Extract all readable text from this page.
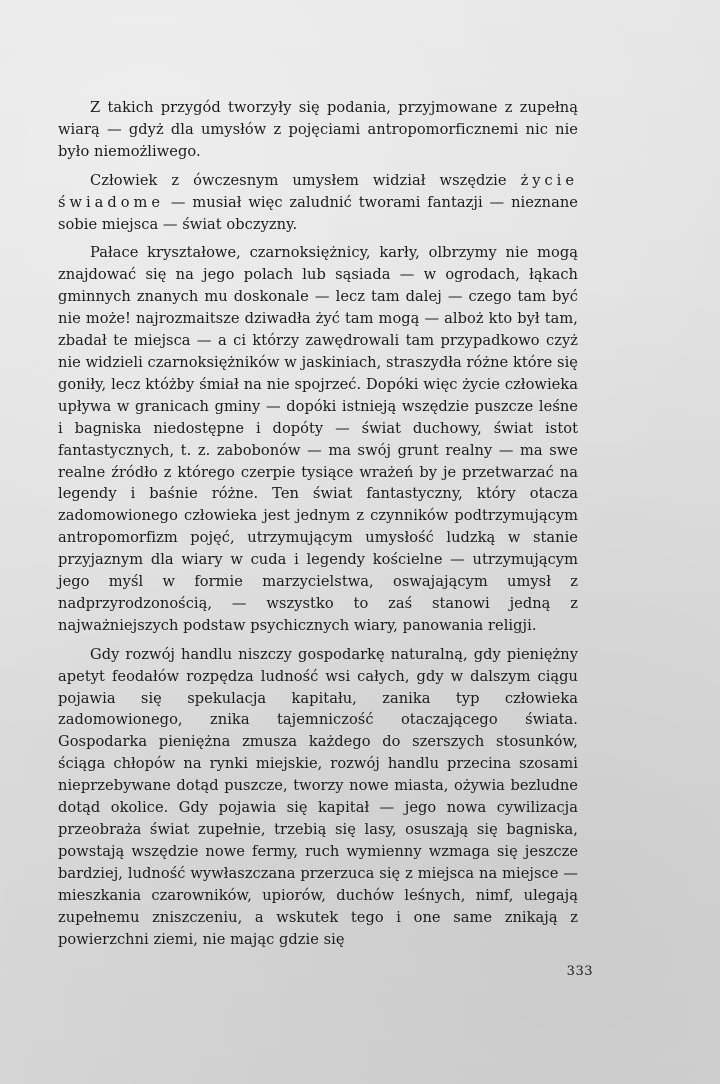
Z takich przygód tworzyły się podania, przyjmowane z zupełną wiarą — gdyż dla umysłów z pojęciami antropomorficznemi nic nie było niemożliwego.

Człowiek z ówczesnym umysłem widział wszędzie życie świadome — musiał więc zaludnić tworami fantazji — nieznane sobie miejsca — świat obczyzny.

Pałace kryształowe, czarnoksiężnicy, karły, olbrzymy nie mogą znajdować się na jego polach lub sąsiada — w ogrodach, łąkach gminnych znanych mu doskonale — lecz tam dalej — czego tam być nie może! najrozmaitsze dziwadła żyć tam mogą — alboż kto był tam, zbadał te miejsca — a ci którzy zawędrowali tam przypadkowo czyż nie widzieli czarnoksiężników w jaskiniach, straszydła różne które się goniły, lecz któżby śmiał na nie spojrzeć. Dopóki więc życie człowieka upływa w granicach gminy — dopóki istnieją wszędzie puszcze leśne i bagniska niedostępne i dopóty — świat duchowy, świat istot fantastycznych, t. z. zabobonów — ma swój grunt realny — ma swe realne źródło z którego czerpie tysiące wrażeń by je przetwarzać na legendy i baśnie różne. Ten świat fantastyczny, który otacza zadomowionego człowieka jest jednym z czynników podtrzymującym antropomorfizm pojęć, utrzymującym umysłość ludzką w stanie przyjaznym dla wiary w cuda i legendy kościelne — utrzymującym jego myśl w formie marzycielstwa, oswajającym umysł z nadprzyrodzonością, — wszystko to zaś stanowi jedną z najważniejszych podstaw psychicznych wiary, panowania religji.

Gdy rozwój handlu niszczy gospodarkę naturalną, gdy pieniężny apetyt feodałów rozpędza ludność wsi całych, gdy w dalszym ciągu pojawia się spekulacja kapitału, zanika typ człowieka zadomowionego, znika tajemniczość otaczającego świata. Gospodarka pieniężna zmusza każdego do szerszych stosunków, ściąga chłopów na rynki miejskie, rozwój handlu przecina szosami nieprzebywane dotąd puszcze, tworzy nowe miasta, ożywia bezludne dotąd okolice. Gdy pojawia się kapitał — jego nowa cywilizacja przeobraża świat zupełnie, trzebią się lasy, osuszają się bagniska, powstają wszędzie nowe fermy, ruch wymienny wzmaga się jeszcze bardziej, ludność wywłaszczana przerzuca się z miejsca na miejsce — mieszkania czarowników, upiorów, duchów leśnych, nimf, ulegają zupełnemu zniszczeniu, a wskutek tego i one same znikają z powierzchni ziemi, nie mając gdzie się

333
